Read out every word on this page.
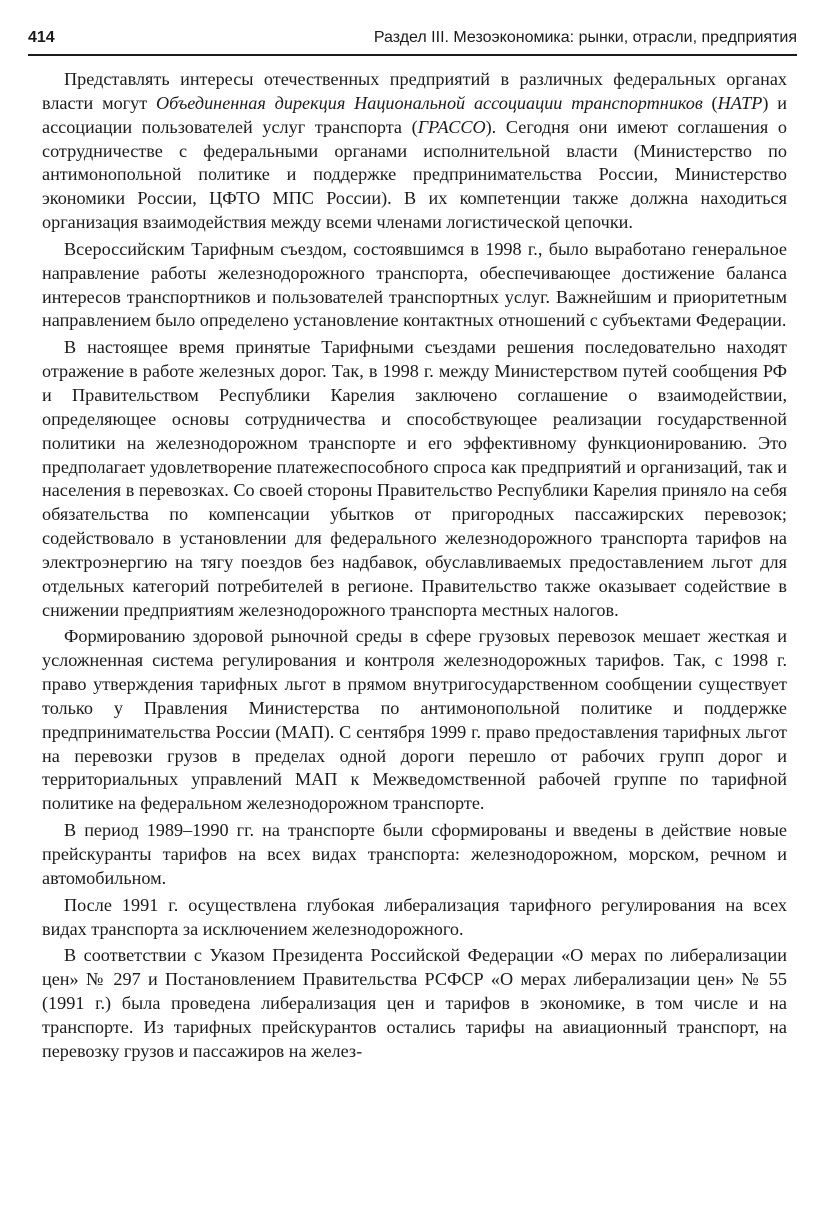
414	Раздел III. Мезоэкономика: рынки, отрасли, предприятия

Представлять интересы отечественных предприятий в различных федеральных органах власти могут Объединенная дирекция Национальной ассоциации транспортников (НАТР) и ассоциации пользователей услуг транспорта (ГРАССО). Сегодня они имеют соглашения о сотрудничестве с федеральными органами исполнительной власти (Министерство по антимонопольной политике и поддержке предпринимательства России, Министерство экономики России, ЦФТО МПС России). В их компетенции также должна находиться организация взаимодействия между всеми членами логистической цепочки.

Всероссийским Тарифным съездом, состоявшимся в 1998 г., было выработано генеральное направление работы железнодорожного транспорта, обеспечивающее достижение баланса интересов транспортников и пользователей транспортных услуг. Важнейшим и приоритетным направлением было определено установление контактных отношений с субъектами Федерации.

В настоящее время принятые Тарифными съездами решения последовательно находят отражение в работе железных дорог. Так, в 1998 г. между Министерством путей сообщения РФ и Правительством Республики Карелия заключено соглашение о взаимодействии, определяющее основы сотрудничества и способствующее реализации государственной политики на железнодорожном транспорте и его эффективному функционированию. Это предполагает удовлетворение платежеспособного спроса как предприятий и организаций, так и населения в перевозках. Со своей стороны Правительство Республики Карелия приняло на себя обязательства по компенсации убытков от пригородных пассажирских перевозок; содействовало в установлении для федерального железнодорожного транспорта тарифов на электроэнергию на тягу поездов без надбавок, обуславливаемых предоставлением льгот для отдельных категорий потребителей в регионе. Правительство также оказывает содействие в снижении предприятиям железнодорожного транспорта местных налогов.

Формированию здоровой рыночной среды в сфере грузовых перевозок мешает жесткая и усложненная система регулирования и контроля железнодорожных тарифов. Так, с 1998 г. право утверждения тарифных льгот в прямом внутригосударственном сообщении существует только у Правления Министерства по антимонопольной политике и поддержке предпринимательства России (МАП). С сентября 1999 г. право предоставления тарифных льгот на перевозки грузов в пределах одной дороги перешло от рабочих групп дорог и территориальных управлений МАП к Межведомственной рабочей группе по тарифной политике на федеральном железнодорожном транспорте.

В период 1989–1990 гг. на транспорте были сформированы и введены в действие новые прейскуранты тарифов на всех видах транспорта: железнодорожном, морском, речном и автомобильном.

После 1991 г. осуществлена глубокая либерализация тарифного регулирования на всех видах транспорта за исключением железнодорожного.

В соответствии с Указом Президента Российской Федерации «О мерах по либерализации цен» № 297 и Постановлением Правительства РСФСР «О мерах либерализации цен» № 55 (1991 г.) была проведена либерализация цен и тарифов в экономике, в том числе и на транспорте. Из тарифных прейскурантов остались тарифы на авиационный транспорт, на перевозку грузов и пассажиров на желез-
